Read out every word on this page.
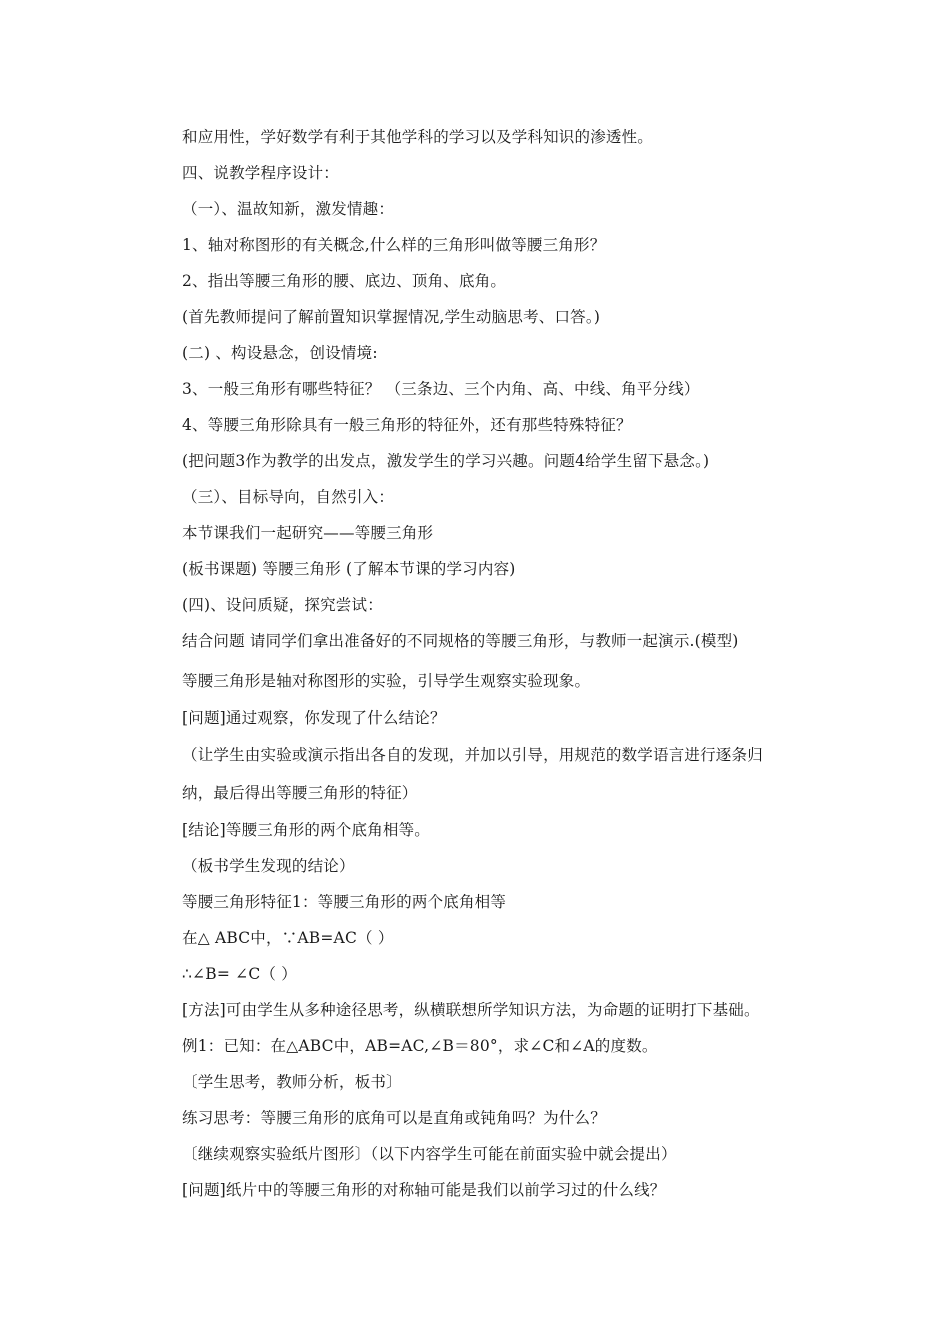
和应用性，学好数学有利于其他学科的学习以及学科知识的渗透性。

四、说教学程序设计：

（一）、温故知新，激发情趣：

1、轴对称图形的有关概念,什么样的三角形叫做等腰三角形？

2、指出等腰三角形的腰、底边、顶角、底角。

(首先教师提问了解前置知识掌握情况,学生动脑思考、口答。)

(二) 、构设悬念，创设情境:

3、一般三角形有哪些特征？ （三条边、三个内角、高、中线、角平分线）

4、等腰三角形除具有一般三角形的特征外，还有那些特殊特征？

(把问题3作为教学的出发点，激发学生的学习兴趣。问题4给学生留下悬念。)

（三）、目标导向，自然引入：

本节课我们一起研究——等腰三角形

(板书课题) 等腰三角形 (了解本节课的学习内容)

(四)、设问质疑，探究尝试：

结合问题 请同学们拿出准备好的不同规格的等腰三角形，与教师一起演示.(模型)

等腰三角形是轴对称图形的实验，引导学生观察实验现象。

[问题]通过观察，你发现了什么结论？

（让学生由实验或演示指出各自的发现，并加以引导，用规范的数学语言进行逐条归

纳，最后得出等腰三角形的特征）

[结论]等腰三角形的两个底角相等。

（板书学生发现的结论）

等腰三角形特征1：等腰三角形的两个底角相等

在△ ABC中，∵AB=AC（ ）

∴∠B= ∠C（ ）

[方法]可由学生从多种途径思考，纵横联想所学知识方法，为命题的证明打下基础。

例1：已知：在△ABC中，AB=AC,∠B＝80°，求∠C和∠A的度数。

〔学生思考，教师分析，板书〕

练习思考：等腰三角形的底角可以是直角或钝角吗？为什么？

〔继续观察实验纸片图形〕（以下内容学生可能在前面实验中就会提出）

[问题]纸片中的等腰三角形的对称轴可能是我们以前学习过的什么线？
